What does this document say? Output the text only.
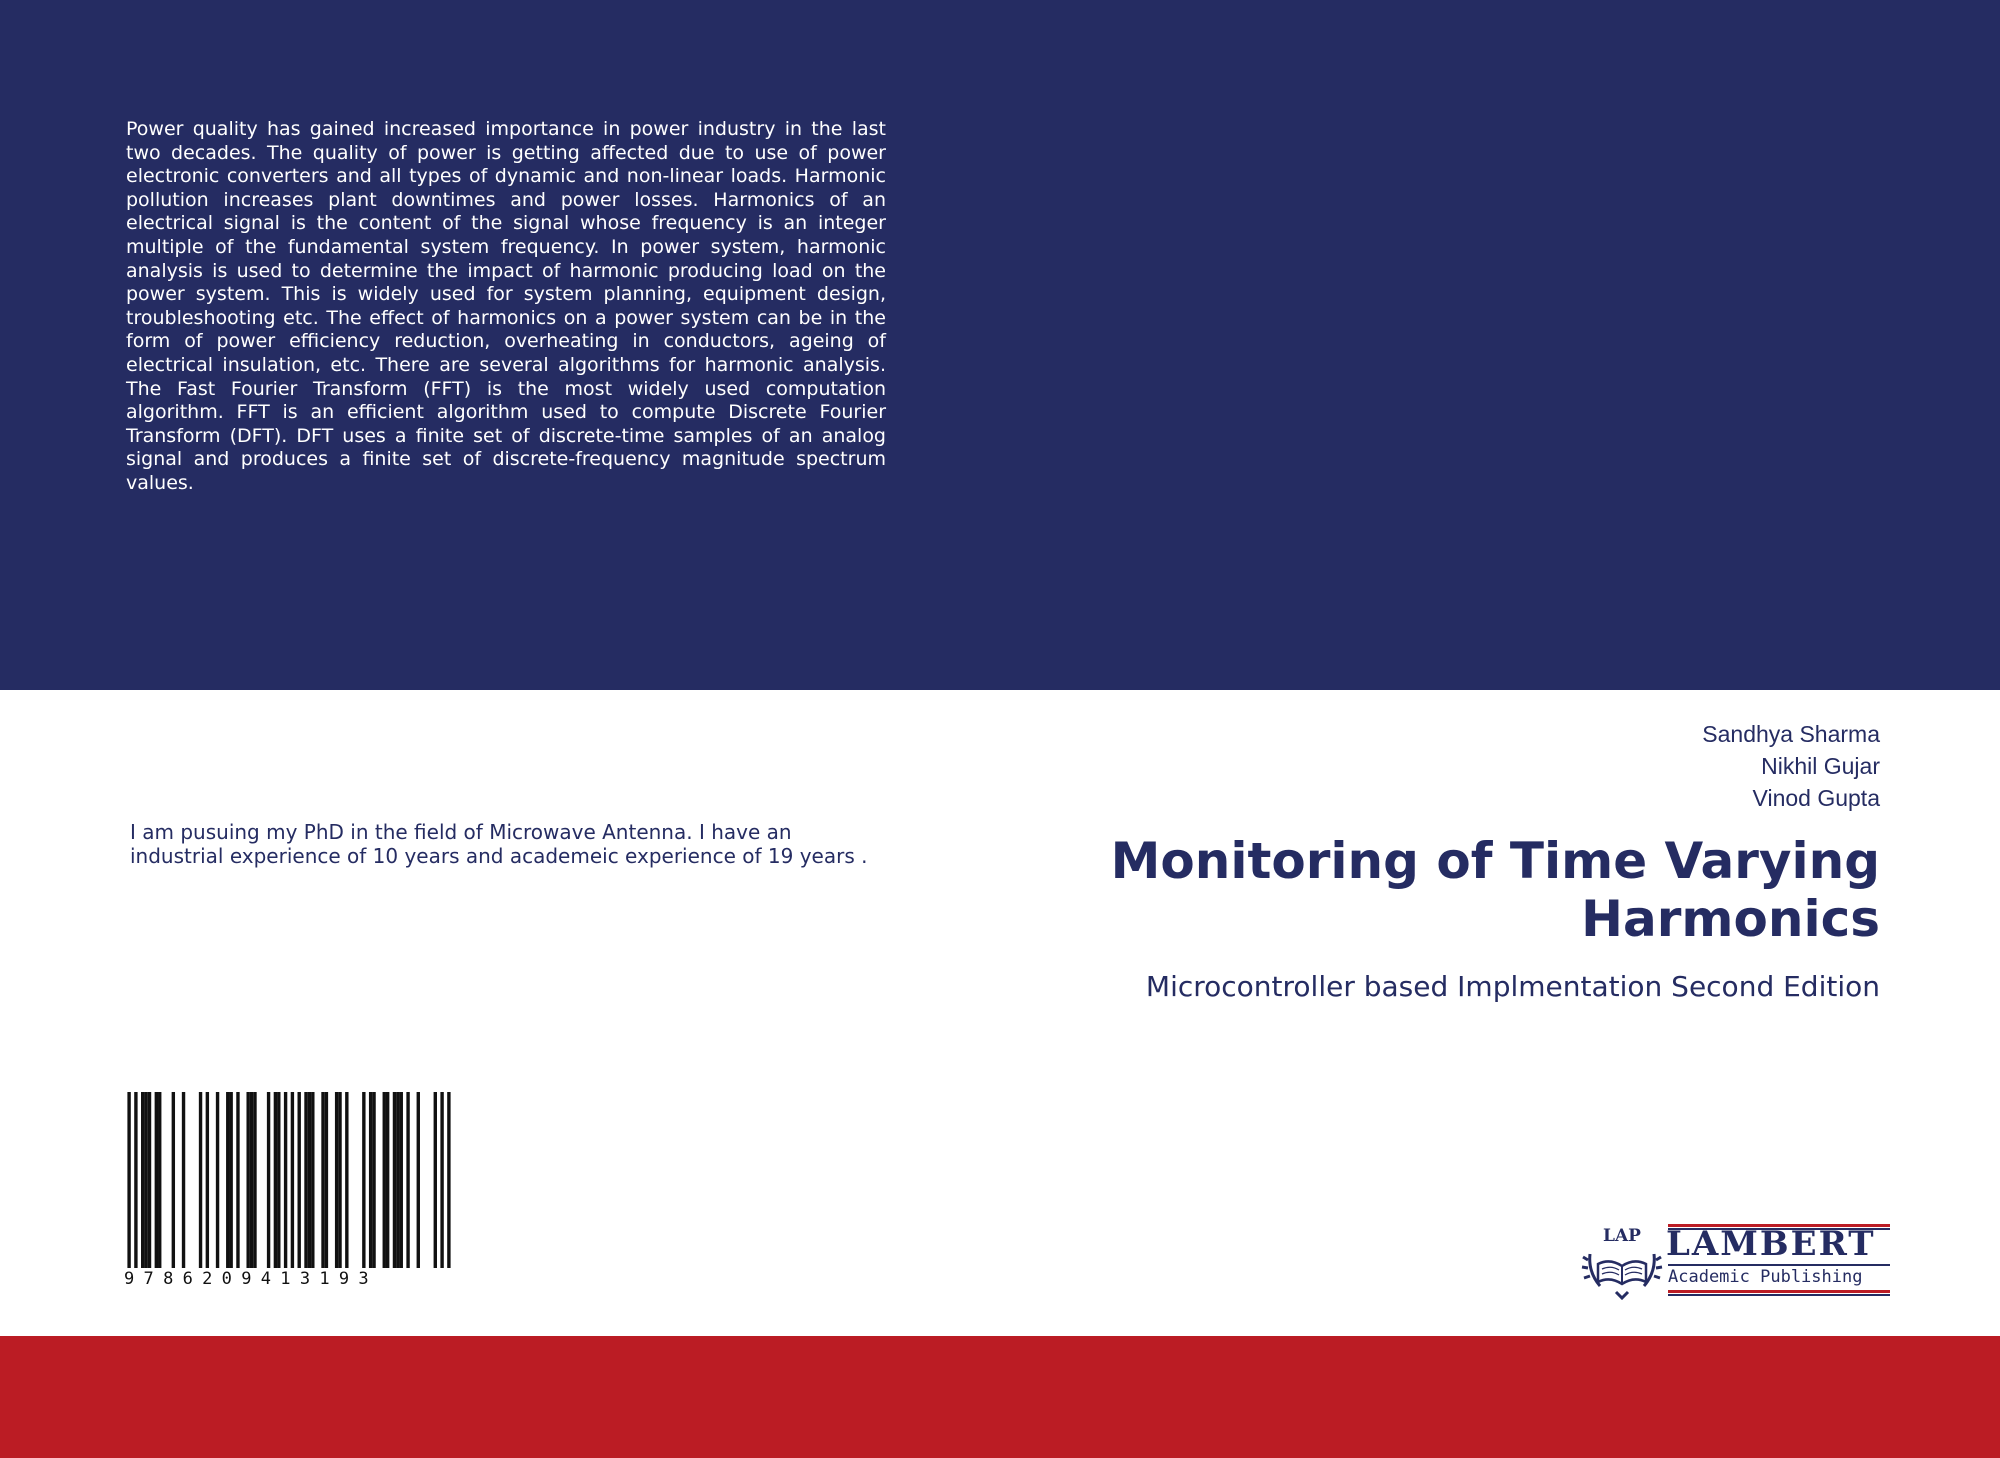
Power quality has gained increased importance in power industry in the last two decades. The quality of power is getting affected due to use of power electronic converters and all types of dynamic and non-linear loads. Harmonic pollution increases plant downtimes and power losses. Harmonics of an electrical signal is the content of the signal whose frequency is an integer multiple of the fundamental system frequency. In power system, harmonic analysis is used to determine the impact of harmonic producing load on the power system. This is widely used for system planning, equipment design, troubleshooting etc. The effect of harmonics on a power system can be in the form of power efficiency reduction, overheating in conductors, ageing of electrical insulation, etc. There are several algorithms for harmonic analysis. The Fast Fourier Transform (FFT) is the most widely used computation algorithm. FFT is an efficient algorithm used to compute Discrete Fourier Transform (DFT). DFT uses a finite set of discrete-time samples of an analog signal and produces a finite set of discrete-frequency magnitude spectrum values.

I am pusuing my PhD in the field of Microwave Antenna. I have an industrial experience of 10 years and academeic experience of 19 years .

Sandhya Sharma
Nikhil Gujar
Vinod Gupta
Monitoring of Time Varying Harmonics
Microcontroller based Implmentation Second Edition
9786209413193
LAP LAMBERT
Academic Publishing
